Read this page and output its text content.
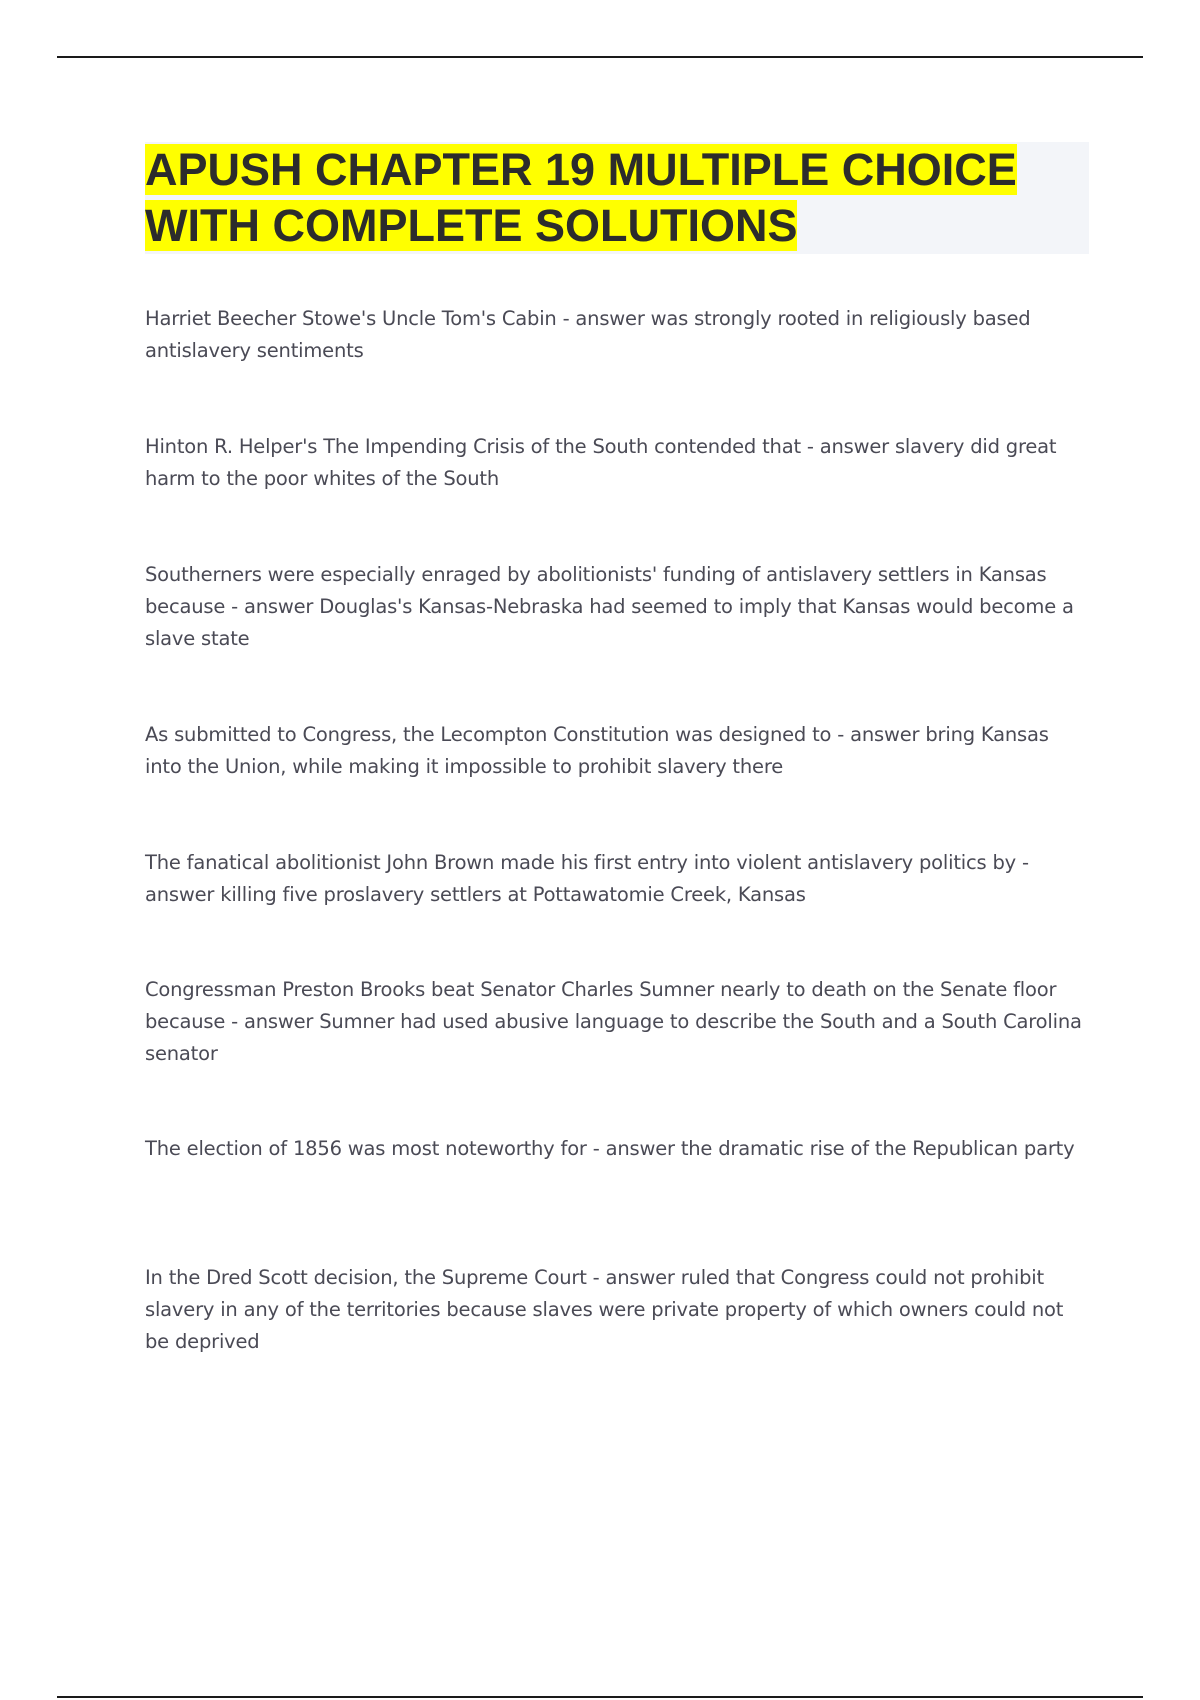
APUSH CHAPTER 19 MULTIPLE CHOICE WITH COMPLETE SOLUTIONS
Harriet Beecher Stowe's Uncle Tom's Cabin - answer was strongly rooted in religiously based antislavery sentiments
Hinton R. Helper's The Impending Crisis of the South contended that - answer slavery did great harm to the poor whites of the South
Southerners were especially enraged by abolitionists' funding of antislavery settlers in Kansas because - answer Douglas's Kansas-Nebraska had seemed to imply that Kansas would become a slave state
As submitted to Congress, the Lecompton Constitution was designed to - answer bring Kansas into the Union, while making it impossible to prohibit slavery there
The fanatical abolitionist John Brown made his first entry into violent antislavery politics by - answer killing five proslavery settlers at Pottawatomie Creek, Kansas
Congressman Preston Brooks beat Senator Charles Sumner nearly to death on the Senate floor because - answer Sumner had used abusive language to describe the South and a South Carolina senator
The election of 1856 was most noteworthy for - answer the dramatic rise of the Republican party
In the Dred Scott decision, the Supreme Court - answer ruled that Congress could not prohibit slavery in any of the territories because slaves were private property of which owners could not be deprived
